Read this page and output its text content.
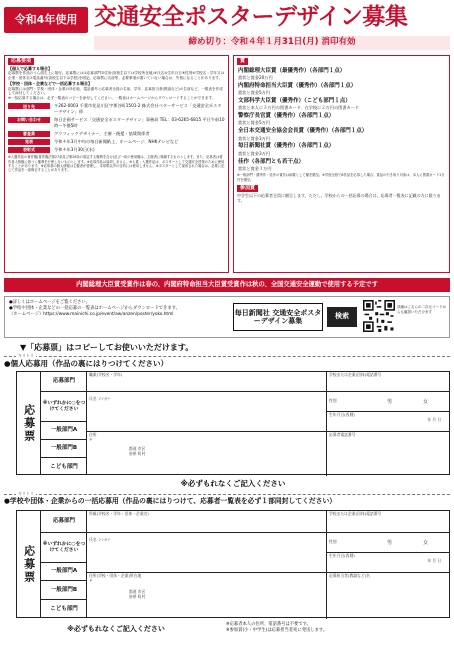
令和4年使用 交通安全ポスターデザイン募集
締め切り：令和４年１月31日(月) 消印有効
応募要項
【個人で応募する場合】
応募票を作品のうら面右上に貼付。応募票には①応募部門②住所(高校生以下は学校所在地)③氏名④生年月日⑤性別⑥学校名・学年又は企業・団体名⑦電話番号(高校生以下は学校)を明記。応募票に名前等、必要事項が書いていない場合は、失格になることがあります。
【学校・団体・企業などで一括応募する場合】
応募票には部門・学校・団体・企業の所在地、電話番号と応募者全員の名前、学年、応募担当者(教諭など)の名前など、一覧表を作成して添付してください。
※一括応募する場合は、必ず一覧表のコピーを添付してください。一覧表はホームページからダウンロードすることができます。
送り先	〒262-0003 千葉市花見川区宇那谷町1501-2 株式会社ベターサービス「交通安全ポスターデザイン」係
お問い合わせ	毎日企画サービス「交通安全ポスターデザイン」事務局 TEL：03-6265-6815 平日午前10時〜午後5時
審査員	グラフィックデザイナー、主催・後援・協賛関係者
発表	令和４年3月中旬の毎日新聞紙上、ホームページ、NHKテレビなど
表彰式	令和４年3月30日(水)
※入選作品の著作権(著作権法第27条及び第28条の規定する権利を含む)及び一切の使用権は、主催者に帰属するものとします。また、応募者は著作者人格権に基づく権利を行使しないものとします。※応募作品は返却しません。※入賞・入選作品は、ポスターとして交通安全啓発のために使用することがあります。※応募者の個人情報は主催者が管理し、本募集以外の目的には使用しません。※ポスターとして採用された場合は、必要に応じて作品を一部修正することがあります。
賞
内閣総理大臣賞（最優秀作）（各部門１点）
賞状と賞金20万円
内閣府特命担当大臣賞（優秀作）（各部門１点）
賞状と賞金5万円
文部科学大臣賞（優秀作）（こども部門１点）
賞状と本人に３万円の図書カード、在学校に２万円の図書カード
警察庁長官賞（優秀作）（各部門１点）
賞状と賞金5万円
全日本交通安全協会会長賞（優秀作）（各部門１点）
賞状と賞金3万円
毎日新聞社賞（優秀作）（各部門１点）
賞状と賞金3万円
佳作（各部門とも若干点）
賞状と賞金１万円
※一般部門・優秀作・佳作の賞状は副賞として額を贈呈。※学校全校で8作品を応募した場合、賞品の引き取り対象は、本人に図書カード1万円を贈呈。
参加賞
中学生以下の応募者全員に贈呈します。ただし、学校からの一括応募の場合は、応募者一覧表に記載の方に限ります。
内閣総理大臣賞受賞作は春の、内閣府特命担当大臣賞受賞作は秋の、全国交通安全運動で使用する予定です
●詳しくはホームページをご覧ください。
●学校や団体・企業などの一括応募の一覧表はホームページからダウンロードできます。
（ホームページ）https://www.mainichi.co.jp/event/aw/anzen/poster/yoko.html	毎日新聞社 交通安全ポスターデザイン募集
検索
詳細はこちらの二次元コードからも確認いただけます
▼「応募票」はコピーしてお使いいただけます。
キリトリ
●個人応募用（作品の裏にはりつけてください）
応募票
応募部門
※いずれかに○をつけてください
一般部門A
一般部門B
こども部門
職業(学校名・学年)	学校または企業(団体)電話番号
氏名 フリガナ	性別	男	女
生年月日(西暦)
年 月 日
住所
〒
都道 市区
府県 町村
応募者電話番号
※必ずもれなくご記入ください
キリトリ
●学校や団体・企業からの一括応募用（作品の裏にはりつけて、応募者一覧表を必ず１部同封してください）
応募票
応募部門
※いずれかに○をつけてください
一般部門A
一般部門B
こども部門
所属(学校名・学年・団体・企業名)	学校または企業(団体)電話番号
氏名 フリガナ	性別	男	女
生年月日(西暦)
年 月 日
住所(学校・団体・企業)所在地
〒
都道 市区
府県 町村
応募担当者(教諭など)名
※必ずもれなくご記入ください
※応募者本人の住所、電話番号は不要です。
※参加賞(小・中学生)は応募担当者宛に発送します。
